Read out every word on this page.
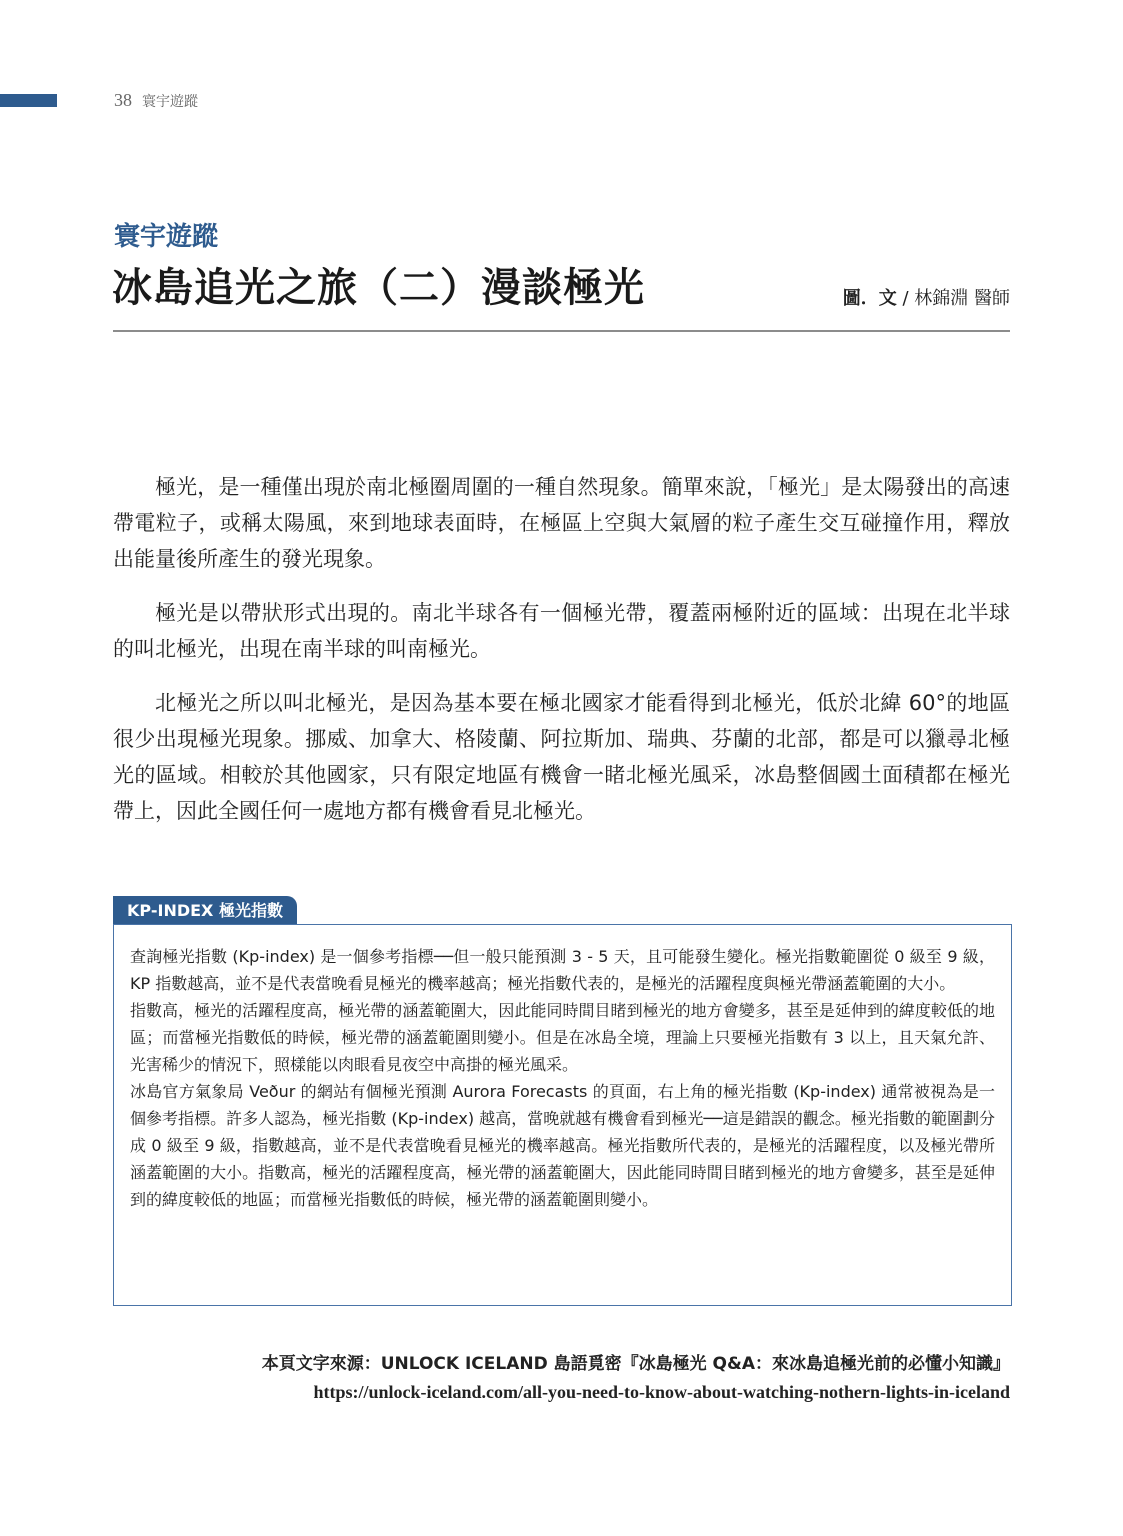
38 寰宇遊蹤
寰宇遊蹤
冰島追光之旅（二）漫談極光	圖．文 / 林錦淵 醫師

極光，是一種僅出現於南北極圈周圍的一種自然現象。簡單來說，「極光」是太陽發出的高速帶電粒子，或稱太陽風，來到地球表面時，在極區上空與大氣層的粒子產生交互碰撞作用，釋放出能量後所產生的發光現象。

極光是以帶狀形式出現的。南北半球各有一個極光帶，覆蓋兩極附近的區域：出現在北半球的叫北極光，出現在南半球的叫南極光。

北極光之所以叫北極光，是因為基本要在極北國家才能看得到北極光，低於北緯 60°的地區很少出現極光現象。挪威、加拿大、格陵蘭、阿拉斯加、瑞典、芬蘭的北部，都是可以獵尋北極光的區域。相較於其他國家，只有限定地區有機會一睹北極光風采，冰島整個國土面積都在極光帶上，因此全國任何一處地方都有機會看見北極光。

KP-INDEX 極光指數

查詢極光指數 (Kp-index) 是一個參考指標──但一般只能預測 3 - 5 天，且可能發生變化。極光指數範圍從 0 級至 9 級，KP 指數越高，並不是代表當晚看見極光的機率越高；極光指數代表的，是極光的活躍程度與極光帶涵蓋範圍的大小。

指數高，極光的活躍程度高，極光帶的涵蓋範圍大，因此能同時間目睹到極光的地方會變多，甚至是延伸到的緯度較低的地區；而當極光指數低的時候，極光帶的涵蓋範圍則變小。但是在冰島全境，理論上只要極光指數有 3 以上，且天氣允許、光害稀少的情況下，照樣能以肉眼看見夜空中高掛的極光風采。

冰島官方氣象局 Veður 的網站有個極光預測 Aurora Forecasts 的頁面，右上角的極光指數 (Kp-index) 通常被視為是一個參考指標。許多人認為，極光指數 (Kp-index) 越高，當晚就越有機會看到極光──這是錯誤的觀念。極光指數的範圍劃分成 0 級至 9 級，指數越高，並不是代表當晚看見極光的機率越高。極光指數所代表的，是極光的活躍程度，以及極光帶所涵蓋範圍的大小。指數高，極光的活躍程度高，極光帶的涵蓋範圍大，因此能同時間目睹到極光的地方會變多，甚至是延伸到的緯度較低的地區；而當極光指數低的時候，極光帶的涵蓋範圍則變小。

本頁文字來源：UNLOCK ICELAND 島語覓密『冰島極光 Q&A：來冰島追極光前的必懂小知識』
https://unlock-iceland.com/all-you-need-to-know-about-watching-nothern-lights-in-iceland
